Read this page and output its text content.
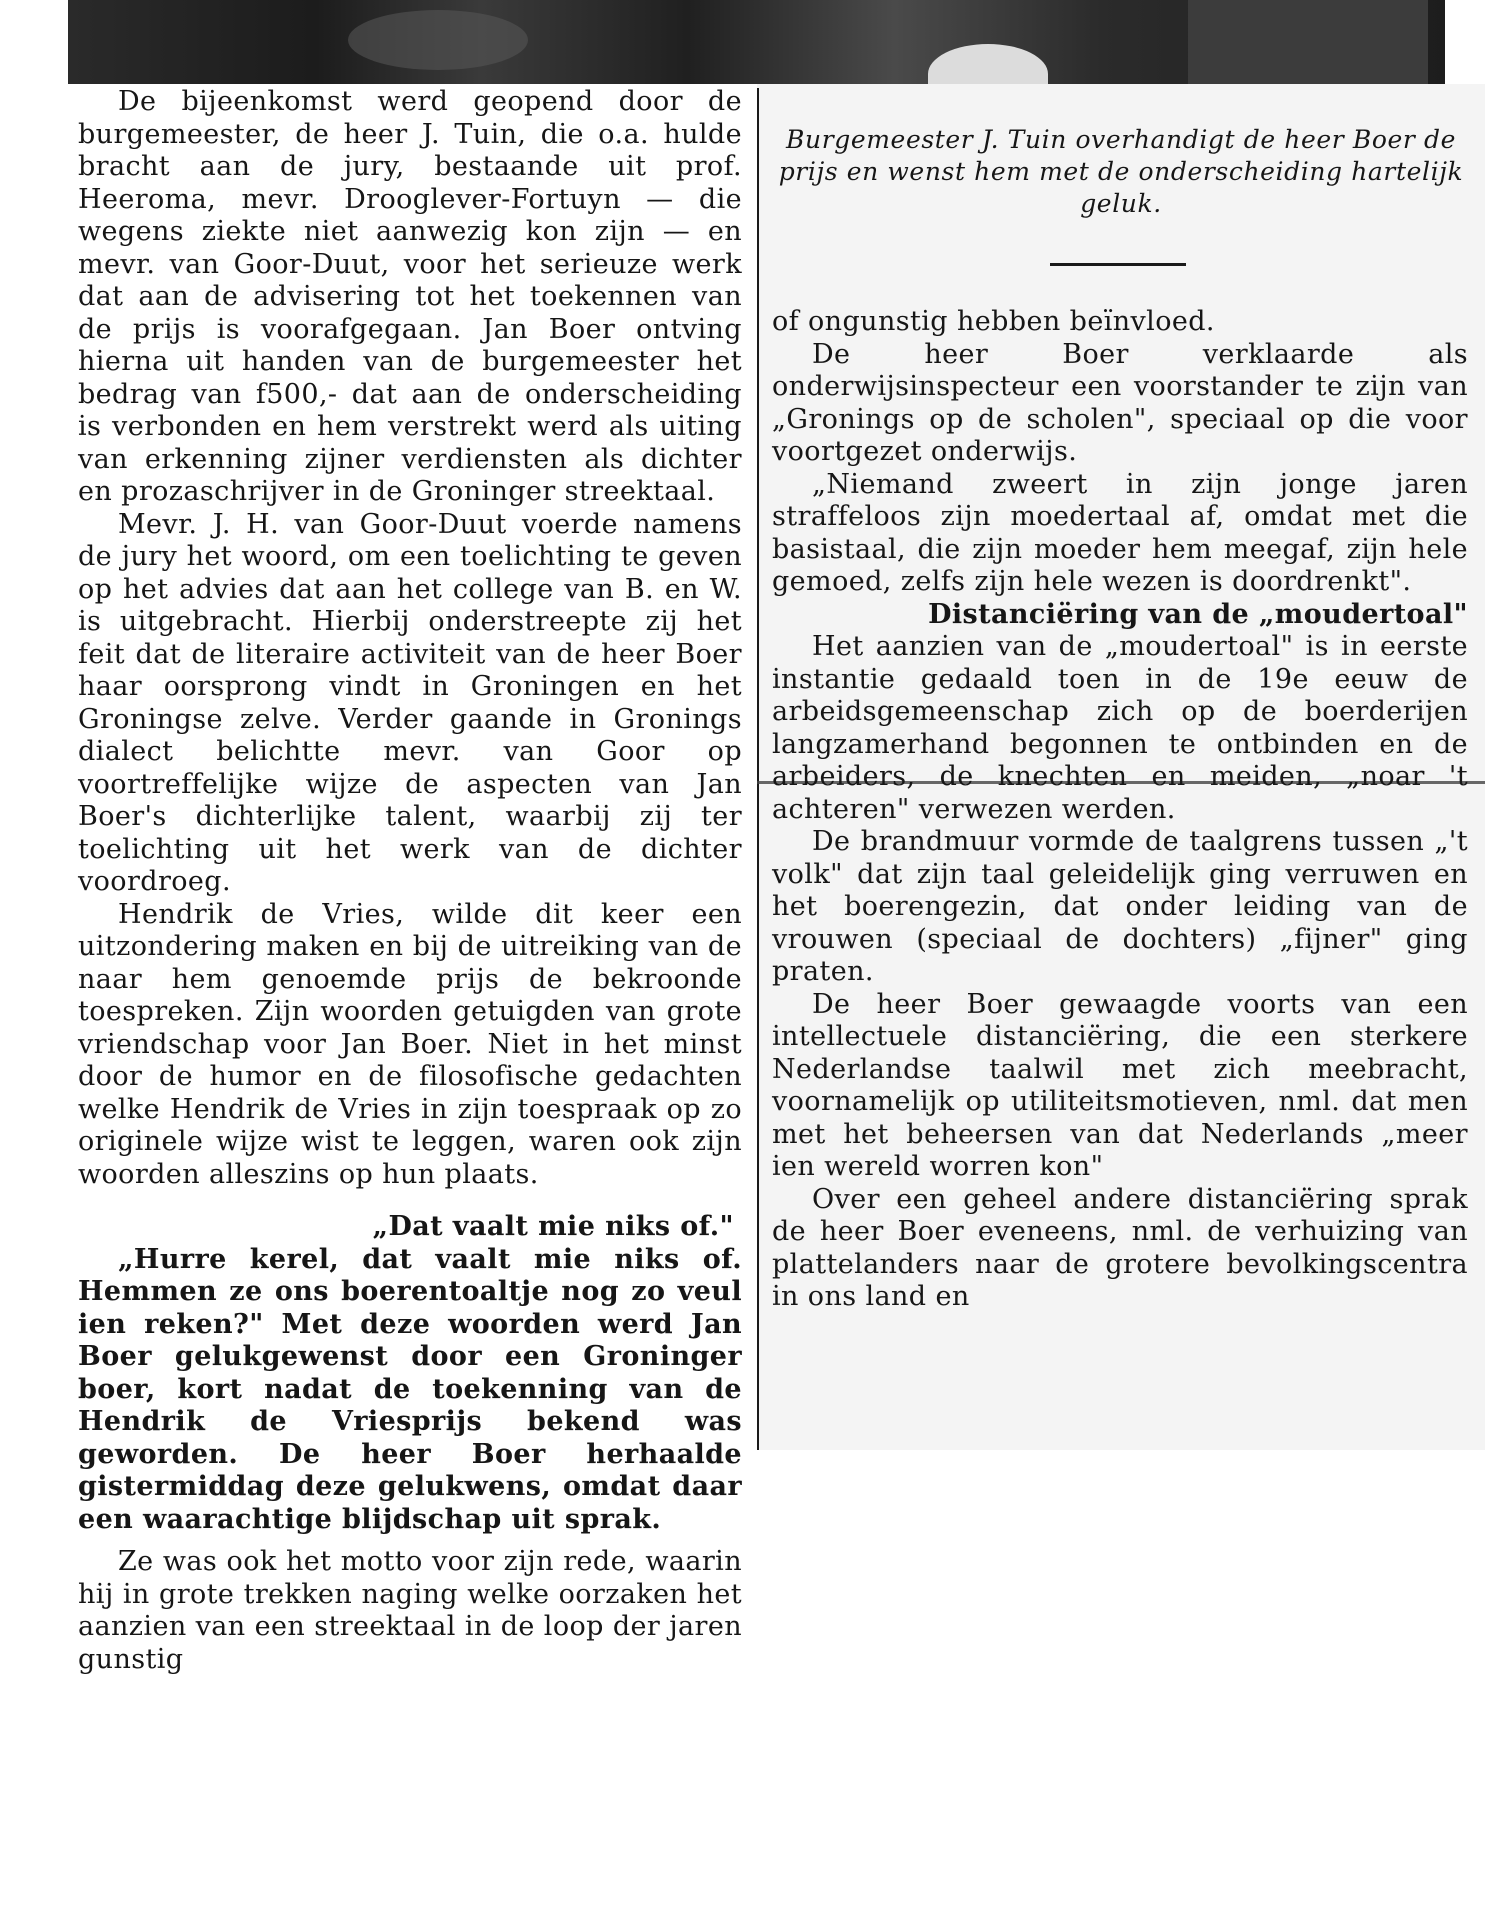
De bijeenkomst werd geopend door de burgemeester, de heer J. Tuin, die o.a. hulde bracht aan de jury, bestaande uit prof. Heeroma, mevr. Drooglever-Fortuyn — die wegens ziekte niet aanwezig kon zijn — en mevr. van Goor-Duut, voor het serieuze werk dat aan de advisering tot het toekennen van de prijs is voorafgegaan. Jan Boer ontving hierna uit handen van de burgemeester het bedrag van f500,- dat aan de onderscheiding is verbonden en hem verstrekt werd als uiting van erkenning zijner verdiensten als dichter en prozaschrijver in de Groninger streektaal.

Mevr. J. H. van Goor-Duut voerde namens de jury het woord, om een toelichting te geven op het advies dat aan het college van B. en W. is uitgebracht. Hierbij onderstreepte zij het feit dat de literaire activiteit van de heer Boer haar oorsprong vindt in Groningen en het Groningse zelve. Verder gaande in Gronings dialect belichtte mevr. van Goor op voortreffelijke wijze de aspecten van Jan Boer's dichterlijke talent, waarbij zij ter toelichting uit het werk van de dichter voordroeg.

Hendrik de Vries, wilde dit keer een uitzondering maken en bij de uitreiking van de naar hem genoemde prijs de bekroonde toespreken. Zijn woorden getuigden van grote vriendschap voor Jan Boer. Niet in het minst door de humor en de filosofische gedachten welke Hendrik de Vries in zijn toespraak op zo originele wijze wist te leggen, waren ook zijn woorden alleszins op hun plaats.

„Dat vaalt mie niks of."

„Hurre kerel, dat vaalt mie niks of. Hemmen ze ons boerentoaltje nog zo veul ien reken?" Met deze woorden werd Jan Boer gelukgewenst door een Groninger boer, kort nadat de toekenning van de Hendrik de Vriesprijs bekend was geworden. De heer Boer herhaalde gistermiddag deze gelukwens, omdat daar een waarachtige blijdschap uit sprak.

Ze was ook het motto voor zijn rede, waarin hij in grote trekken naging welke oorzaken het aanzien van een streektaal in de loop der jaren gunstig

Burgemeester J. Tuin overhandigt de heer Boer de prijs en wenst hem met de onderscheiding hartelijk geluk.

of ongunstig hebben beïnvloed.

De heer Boer verklaarde als onderwijsinspecteur een voorstander te zijn van „Gronings op de scholen", speciaal op die voor voortgezet onderwijs.

„Niemand zweert in zijn jonge jaren straffeloos zijn moedertaal af, omdat met die basistaal, die zijn moeder hem meegaf, zijn hele gemoed, zelfs zijn hele wezen is doordrenkt".

Distanciëring van de „moudertoal"

Het aanzien van de „moudertoal" is in eerste instantie gedaald toen in de 19e eeuw de arbeidsgemeenschap zich op de boerderijen langzamerhand begonnen te ontbinden en de arbeiders, de knechten en meiden, „noar 't achteren" verwezen werden.

De brandmuur vormde de taalgrens tussen „'t volk" dat zijn taal geleidelijk ging verruwen en het boerengezin, dat onder leiding van de vrouwen (speciaal de dochters) „fijner" ging praten.

De heer Boer gewaagde voorts van een intellectuele distanciëring, die een sterkere Nederlandse taalwil met zich meebracht, voornamelijk op utiliteitsmotieven, nml. dat men met het beheersen van dat Nederlands „meer ien wereld worren kon"

Over een geheel andere distanciëring sprak de heer Boer eveneens, nml. de verhuizing van plattelanders naar de grotere bevolkingscentra in ons land en
